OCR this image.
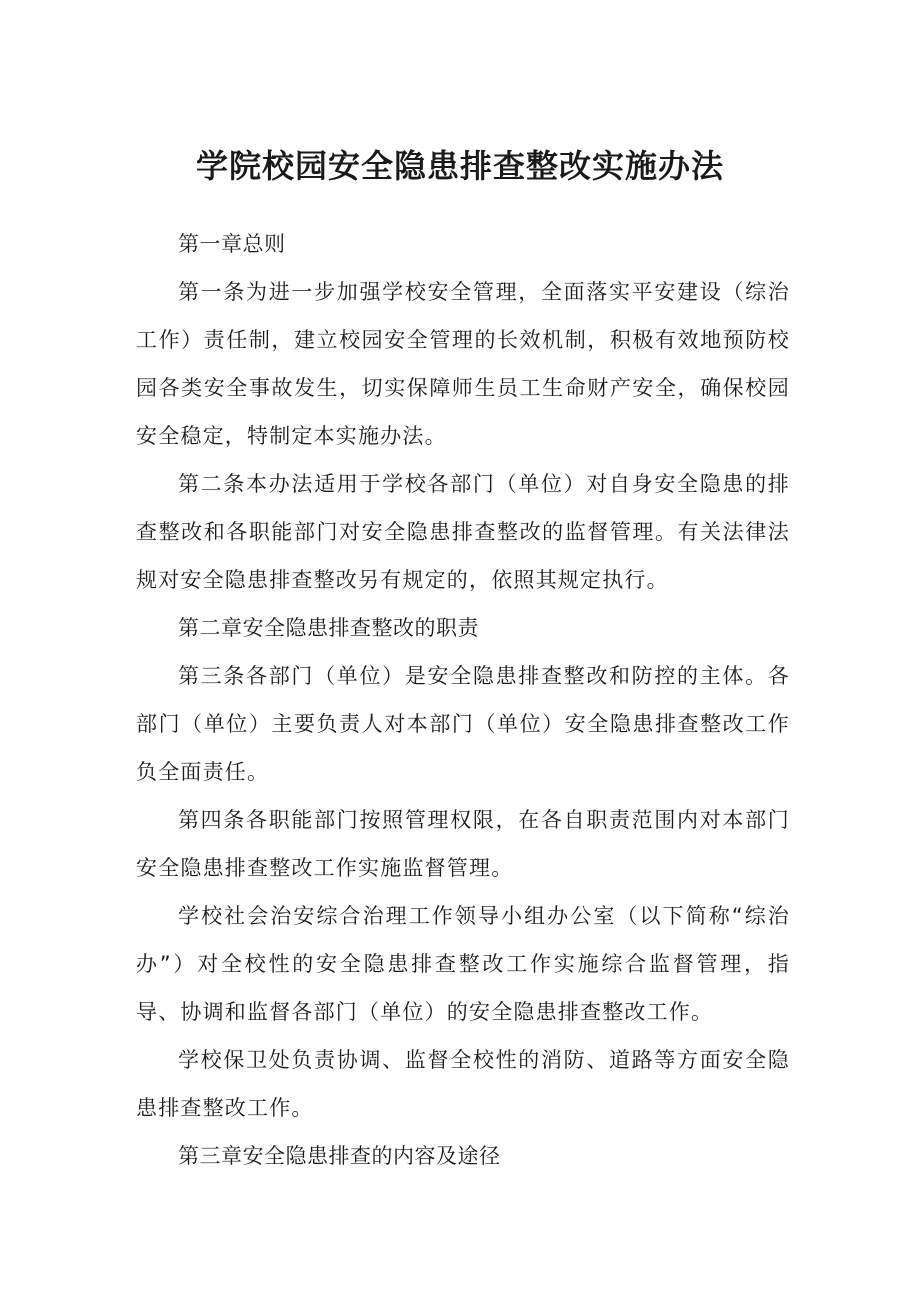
学院校园安全隐患排查整改实施办法

第一章总则

第一条为进一步加强学校安全管理，全面落实平安建设（综治工作）责任制，建立校园安全管理的长效机制，积极有效地预防校园各类安全事故发生，切实保障师生员工生命财产安全，确保校园安全稳定，特制定本实施办法。

第二条本办法适用于学校各部门（单位）对自身安全隐患的排查整改和各职能部门对安全隐患排查整改的监督管理。有关法律法规对安全隐患排查整改另有规定的，依照其规定执行。

第二章安全隐患排查整改的职责

第三条各部门（单位）是安全隐患排查整改和防控的主体。各部门（单位）主要负责人对本部门（单位）安全隐患排查整改工作负全面责任。

第四条各职能部门按照管理权限，在各自职责范围内对本部门安全隐患排查整改工作实施监督管理。

学校社会治安综合治理工作领导小组办公室（以下简称“综治办”）对全校性的安全隐患排查整改工作实施综合监督管理，指导、协调和监督各部门（单位）的安全隐患排查整改工作。

学校保卫处负责协调、监督全校性的消防、道路等方面安全隐患排查整改工作。

第三章安全隐患排查的内容及途径
